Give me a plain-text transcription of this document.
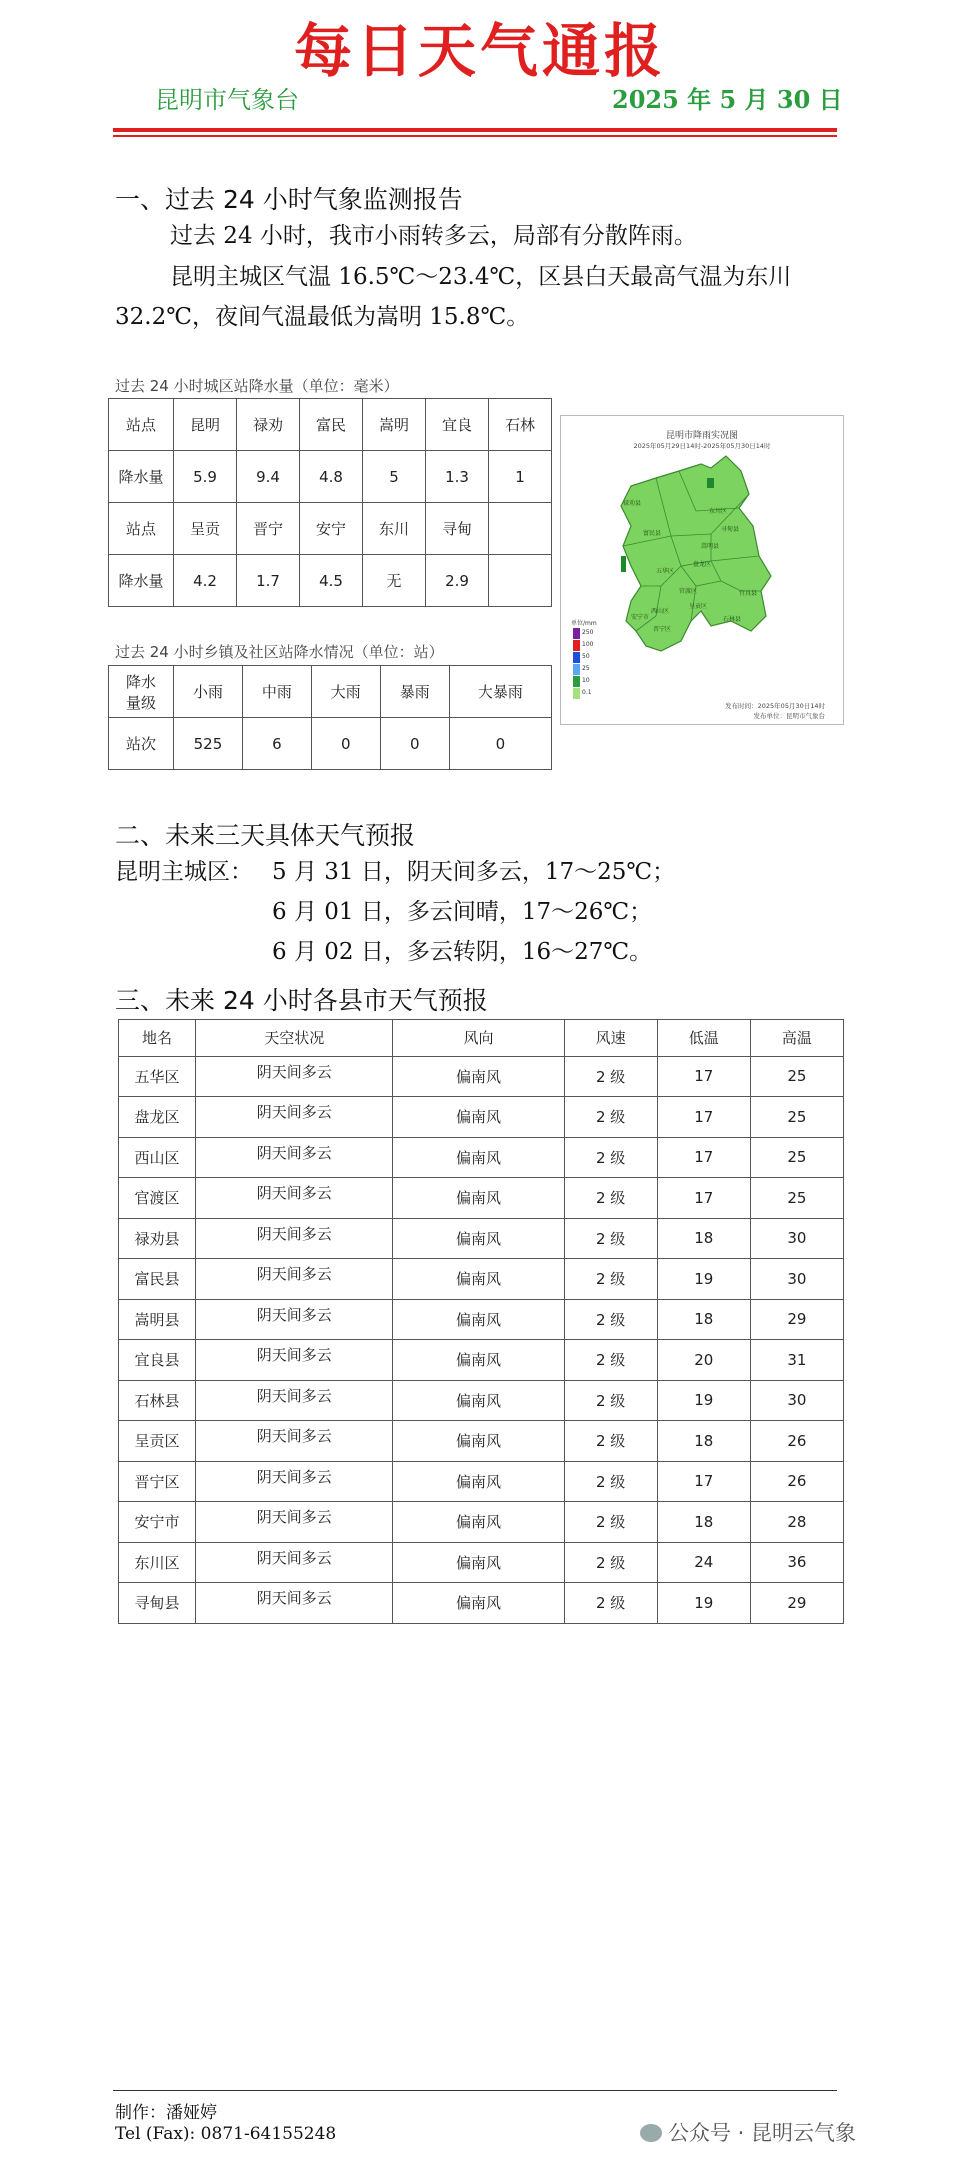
每日天气通报
昆明市气象台	2025 年 5 月 30 日
一、过去 24 小时气象监测报告
过去 24 小时，我市小雨转多云，局部有分散阵雨。
昆明主城区气温 16.5℃～23.4℃，区县白天最高气温为东川
32.2℃，夜间气温最低为嵩明 15.8℃。
过去 24 小时城区站降水量（单位：毫米）
站点	昆明	禄劝	富民	嵩明	宜良	石林
降水量	5.9	9.4	4.8	5	1.3	1
站点	呈贡	晋宁	安宁	东川	寻甸	
降水量	4.2	1.7	4.5	无	2.9	
过去 24 小时乡镇及社区站降水情况（单位：站）
降水
量级	小雨	中雨	大雨	暴雨	大暴雨
站次	525	6	0	0	0
昆明市降雨实况图
2025年05月29日14时-2025年05月30日14时
禄劝县
东川区
寻甸县
嵩明县
富民县
盘龙区
五华区
官渡区
西山区
呈贡区
宜良县
安宁市
晋宁区
石林县
单位/mm
250
100
50
25
10
0.1
发布时间：2025年05月30日14时
发布单位：昆明市气象台
二、未来三天具体天气预报
昆明主城区： 5 月 31 日，阴天间多云，17～25℃；
6 月 01 日，多云间晴，17～26℃；
6 月 02 日，多云转阴，16～27℃。
三、未来 24 小时各县市天气预报
地名	天空状况	风向	风速	低温	高温
五华区	阴天间多云	偏南风	2 级	17	25
盘龙区	阴天间多云	偏南风	2 级	17	25
西山区	阴天间多云	偏南风	2 级	17	25
官渡区	阴天间多云	偏南风	2 级	17	25
禄劝县	阴天间多云	偏南风	2 级	18	30
富民县	阴天间多云	偏南风	2 级	19	30
嵩明县	阴天间多云	偏南风	2 级	18	29
宜良县	阴天间多云	偏南风	2 级	20	31
石林县	阴天间多云	偏南风	2 级	19	30
呈贡区	阴天间多云	偏南风	2 级	18	26
晋宁区	阴天间多云	偏南风	2 级	17	26
安宁市	阴天间多云	偏南风	2 级	18	28
东川区	阴天间多云	偏南风	2 级	24	36
寻甸县	阴天间多云	偏南风	2 级	19	29
制作：潘娅婷
Tel (Fax): 0871-64155248	公众号 · 昆明云气象
